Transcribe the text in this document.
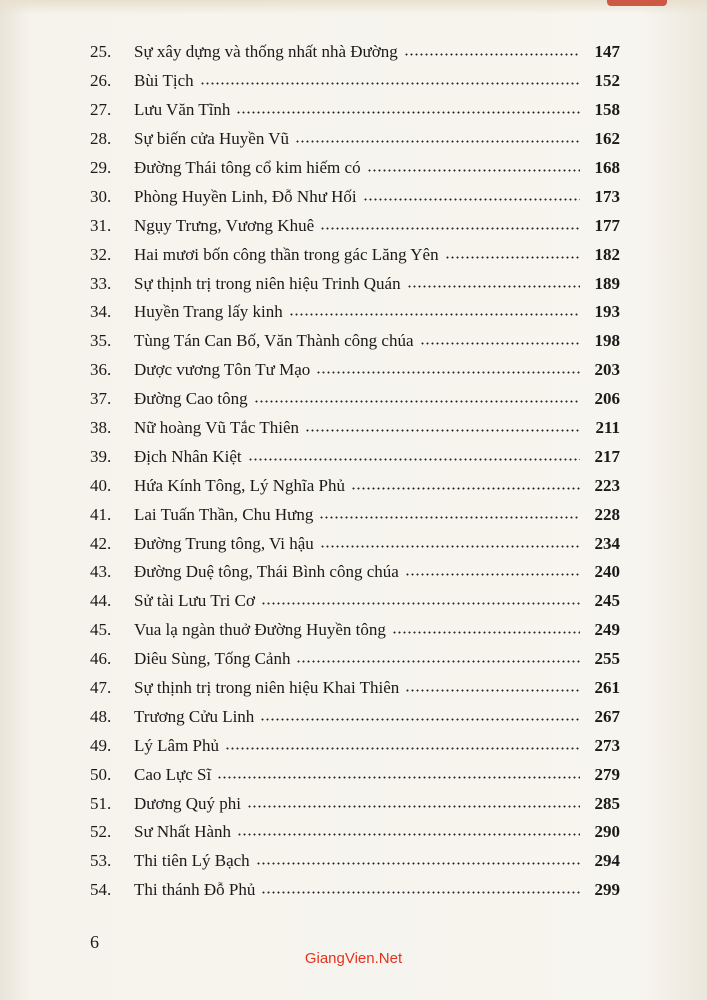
25.	Sự xây dựng và thống nhất nhà Đường	147
26.	Bùi Tịch	152
27.	Lưu Văn Tĩnh	158
28.	Sự biến cửa Huyền Vũ	162
29.	Đường Thái tông cổ kim hiếm có	168
30.	Phòng Huyền Linh, Đỗ Như Hối	173
31.	Ngụy Trưng, Vương Khuê	177
32.	Hai mươi bốn công thần trong gác Lăng Yên	182
33.	Sự thịnh trị trong niên hiệu Trinh Quán	189
34.	Huyền Trang lấy kinh	193
35.	Tùng Tán Can Bố, Văn Thành công chúa	198
36.	Dược vương Tôn Tư Mạo	203
37.	Đường Cao tông	206
38.	Nữ hoàng Vũ Tắc Thiên	211
39.	Địch Nhân Kiệt	217
40.	Hứa Kính Tông, Lý Nghĩa Phủ	223
41.	Lai Tuấn Thần, Chu Hưng	228
42.	Đường Trung tông, Vi hậu	234
43.	Đường Duệ tông, Thái Bình công chúa	240
44.	Sử tài Lưu Tri Cơ	245
45.	Vua lạ ngàn thuở Đường Huyền tông	249
46.	Diêu Sùng, Tống Cảnh	255
47.	Sự thịnh trị trong niên hiệu Khai Thiên	261
48.	Trương Cửu Linh	267
49.	Lý Lâm Phủ	273
50.	Cao Lực Sĩ	279
51.	Dương Quý phi	285
52.	Sư Nhất Hành	290
53.	Thi tiên Lý Bạch	294
54.	Thi thánh Đỗ Phủ	299
6
GiangVien.Net
